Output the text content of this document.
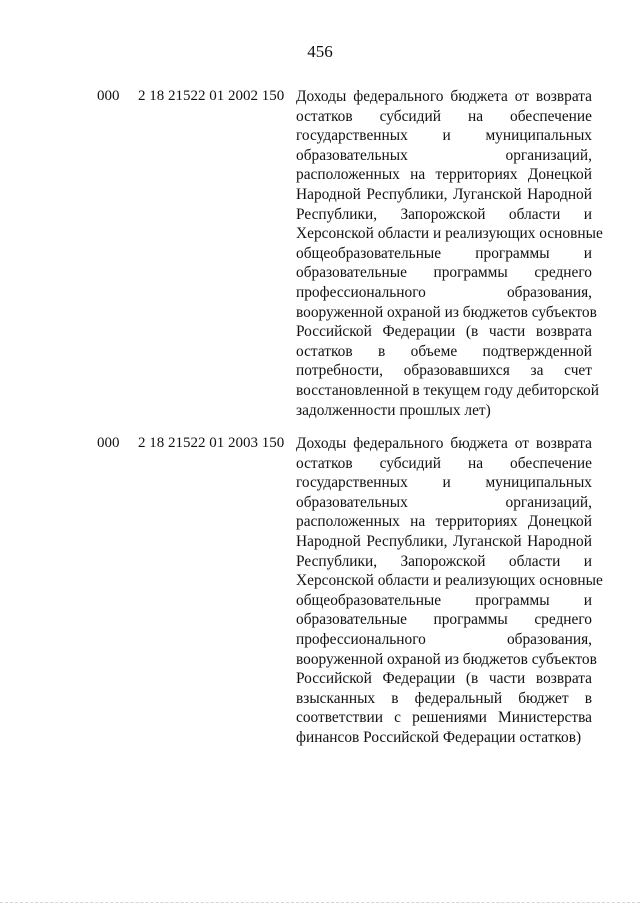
456
000 2 18 21522 01 2002 150 Доходы федерального бюджета от возврата
остатков субсидий на обеспечение
государственных и муниципальных
образовательных организаций,
расположенных на территориях Донецкой
Народной Республики, Луганской Народной
Республики, Запорожской области и
Херсонской области и реализующих основные
общеобразовательные программы и
образовательные программы среднего
профессионального образования,
вооруженной охраной из бюджетов субъектов
Российской Федерации (в части возврата
остатков в объеме подтвержденной
потребности, образовавшихся за счет
восстановленной в текущем году дебиторской
задолженности прошлых лет)

000 2 18 21522 01 2003 150 Доходы федерального бюджета от возврата
остатков субсидий на обеспечение
государственных и муниципальных
образовательных организаций,
расположенных на территориях Донецкой
Народной Республики, Луганской Народной
Республики, Запорожской области и
Херсонской области и реализующих основные
общеобразовательные программы и
образовательные программы среднего
профессионального образования,
вооруженной охраной из бюджетов субъектов
Российской Федерации (в части возврата
взысканных в федеральный бюджет в
соответствии с решениями Министерства
финансов Российской Федерации остатков)
